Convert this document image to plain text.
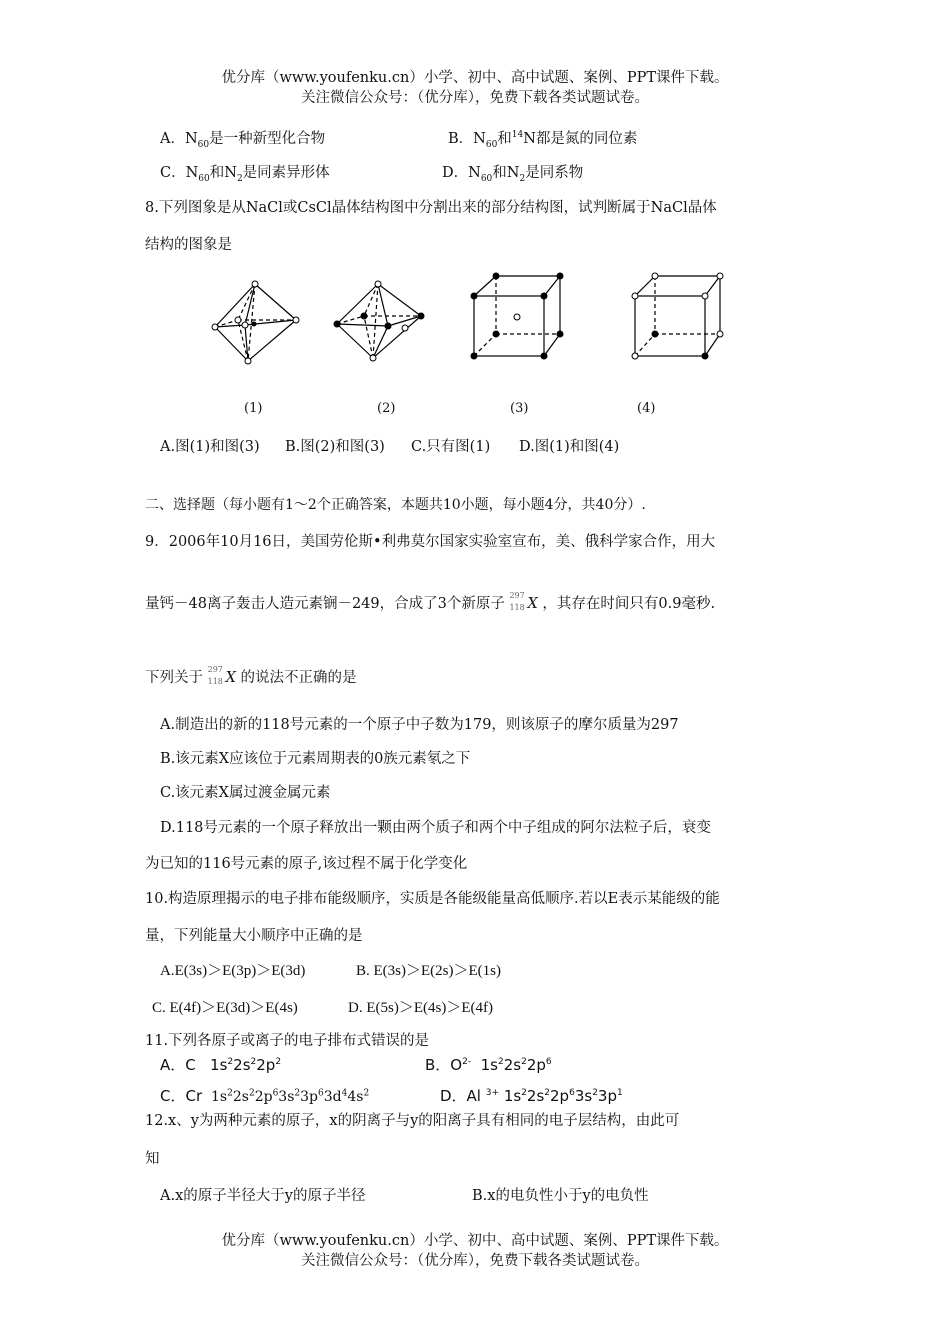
优分库（www.youfenku.cn）小学、初中、高中试题、案例、PPT课件下载。
关注微信公众号：（优分库），免费下载各类试题试卷。
A．$N_{60}$是一种新型化合物	B．$N_{60}$和$^{14}$N都是氮的同位素
C．$N_{60}$和$N_2$是同素异形体	D．$N_{60}$和$N_2$是同系物
8.下列图象是从NaCl或CsCl晶体结构图中分割出来的部分结构图，试判断属于NaCl晶体
结构的图象是
(1)	(2)	(3)	(4)
A.图(1)和图(3) B.图(2)和图(3) C.只有图(1) D.图(1)和图(4)
二、选择题（每小题有1～2个正确答案，本题共10小题，每小题4分，共40分）.
9．2006年10月16日，美国劳伦斯•利弗莫尔国家实验室宣布，美、俄科学家合作，用大
量钙－48离子轰击人造元素锎－249，合成了3个新原子
297
118 X ，其存在时间只有0.9毫秒.
下列关于
297
118 X 的说法不正确的是
A.制造出的新的118号元素的一个原子中子数为179，则该原子的摩尔质量为297
B.该元素X应该位于元素周期表的0族元素氡之下
C.该元素X属过渡金属元素
D.118号元素的一个原子释放出一颗由两个质子和两个中子组成的阿尔法粒子后，衰变
为已知的116号元素的原子,该过程不属于化学变化
10.构造原理揭示的电子排布能级顺序，实质是各能级能量高低顺序.若以E表示某能级的能
量，下列能量大小顺序中正确的是
A.E(3s)＞E(3p)＞E(3d)	B. E(3s)＞E(2s)＞E(1s)
C. E(4f)＞E(3d)＞E(4s)	D. E(5s)＞E(4s)＞E(4f)
11.下列各原子或离子的电子排布式错误的是
A．C   $1s^22s^22p^2$	B．$O^{2-}$  $1s^22s^22p^6$
C．Cr  $1s^22s^22p^63s^23p^63d^44s^2$	D．Al $^{3+}$ $1s^22s^22p^63s^23p^1$
12.x、y为两种元素的原子，x的阴离子与y的阳离子具有相同的电子层结构，由此可
知
A.x的原子半径大于y的原子半径	B.x的电负性小于y的电负性
优分库（www.youfenku.cn）小学、初中、高中试题、案例、PPT课件下载。
关注微信公众号：（优分库），免费下载各类试题试卷。
